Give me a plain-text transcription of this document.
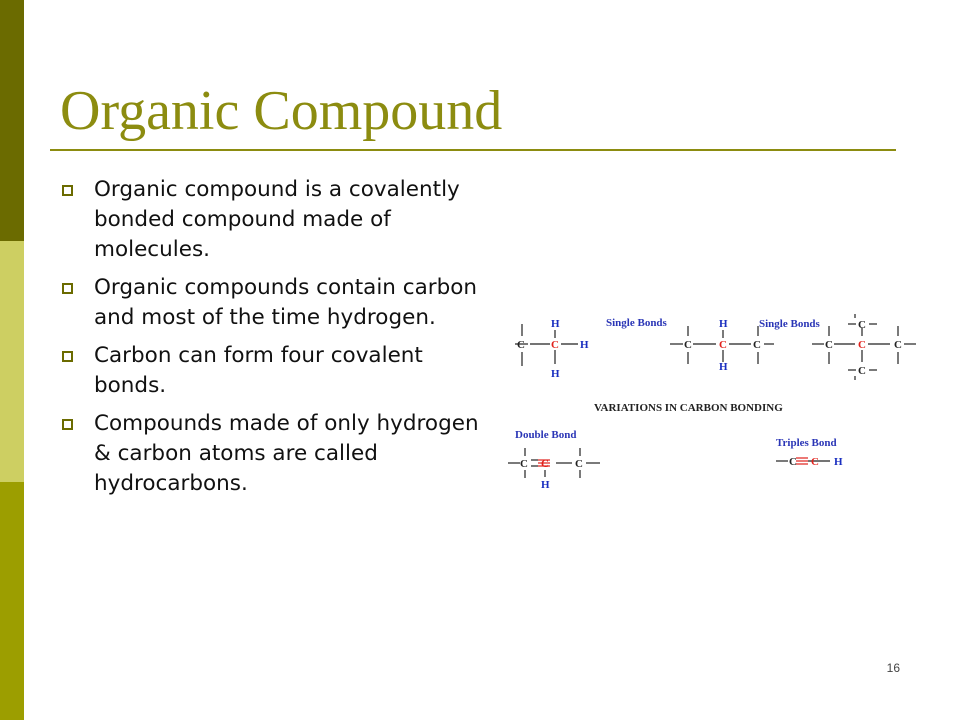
Organic Compound
Organic compound is a covalently bonded compound made of molecules.
Organic compounds contain carbon and most of the time hydrogen.
Carbon can form four covalent bonds.
Compounds made of only hydrogen & carbon atoms are called hydrocarbons.
Single Bonds	Single Bonds
VARIATIONS IN CARBON BONDING
Double Bond
Triples Bond
C C
H
H
H
C C C
H
H
C C	C
C
C
C C C
H
C C H
16
